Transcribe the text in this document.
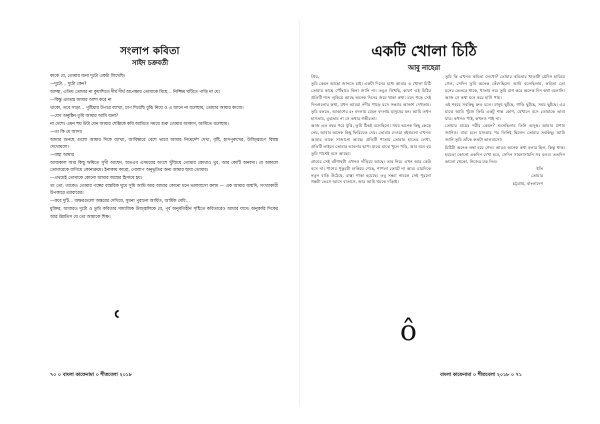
সংলাপ কবিতা
সাইদ চক্রবর্তী

কাকে যে, তোমার জন্য দুটো একটা লিখেছি।

—দুটো… দুটো কেন?

আচ্ছা, এতিয় তোমার না কুয়াশিতে দীর্ঘ দীর্ঘ অপেক্ষার তোমাকে মিছে… নিজ্জিম ঘটিতে পাড়ি না যে।

—কিন্তু এমতন্ত্র আমার আশা করে না

থাক্যে, তবে সাড়া… পুষ্টিয়ার উপরে ব্যাখ্যা, চাপ দিয়েছি বুঝি নিয়ে ও এ জানে না বলেছাম, তোমার আমার কাজে।

—যেখ অনুষ্ঠিন তুমি আমার আমি জন্য?

না দেশে। এমন হুয় উটা যেন আমার শেক্সিকে কবি আমিতে সময়ে শুরু তোমার আকাস, আমিতে বলেছাম।

—তা কি যে আসা।

আমার শুনছে গুলো আমার দিকে ব্যাখ্যা, আবিষ্কারে বেশে ভাবে আমার নিমের্দেশ দেখা, বৃষ্টি, হাসপুরুখের, উজ্জ্বিরণে বিশ্বস্ত দেখোমলে।

—বাহা আমার

আজকাল আর কিছু ঋষিতে সুখী আছেদ, অতএব এসময়ের অংশে খুঁজিয়ে তোমার কোথাও থুব, আর কোটি অনবদ্য। যে অকালে তোমারেকে বাগিয়ে কোনাক্রমে। ইনাকায় কারো, গোলাপ অনুভূতির অন্য আমার ছায়া তোমার।

—প্রথমেই তোমাকে কোনো আমার জন্মের হিসাবে হয়।

তা তো, তাকেও তোমার গল্পের বাস্তবিক ঘুমে সুমি আমি আর আমার কোনো মনে ভালবাসো কলম — এক আমার জন্মদি, সংখ্যাকারী উপকারে তরবারের।

—কবে দুটি… অক্ষরগুলো অন্তরের দেখিয়ে, সুমনা পুরানো আর্যিত, আর্যিক মেধি…

মুক্তির, আবারও দুটো ও তুমি কবিতার সামাজিক উজ্জ্বলিকে যে, পূর্ব অনুমতিহীন সৃষ্টিতে কবিতারেও আমার যাদে। অনুকারি দিকের আর উন্নতিস যে তো আমাকে শিক্ষ।

ʿ
৭০ ০ বাংলা কাফেনামা ০ শীতবেলা ২০১৮
একটি খোলা চিঠি
আবু নাহেরা

প্রিয়,

তুমি কেমন আছো জানতে চাই। একটা দিনের মধ্যে আমার এ খোলা চিঠি তোমার কাছে পৌঁছাবে কিনা জানি না। তবুও লিখছি, কারণ এই চিঠির প্রতিটি শব্দে লুকিয়ে আছে অনেক দিনের জমে থাকা কথা। মনে পড়ে সেই দিনগুলোর কথা, যখন আমরা নদীর পাড়ে বসে সন্ধ্যার আকাশ দেখতাম। তুমি বলতে, আকাশের রং বদলায় যেমন বদলায় মানুষের মন। আমি তখন হাসতাম, বুঝতাম না সে কথার গভীরতা।

আজ এত বছর পরে বুঝি, তুমি ঠিকই বলেছিলে। সময় অনেক কিছু কেড়ে নেয়, আবার অনেক কিছু ফিরিয়েও দেয়। তোমার দেওয়া বইগুলো এখনও আমার তাকে সাজানো আছে। প্রতিটি পাতায় তোমার হাতের লেখা, প্রতিটি লাইনে তোমার ভাবনার ছাপ। মাঝে মাঝে খুলে পড়ি, আর মনে হয় তুমি পাশেই বসে আছো।

গ্রামের সেই বটগাছটা এখনও দাঁড়িয়ে আছে। তার নিচে এখন আর কেউ বসে না। পাশের পুকুরটা শুকিয়ে গেছে, শাপলা ফোটে না আর। চারদিকে নতুন বাড়ি উঠেছে, রাস্তা পাকা হয়েছে। তবু সন্ধ্যা নামলে সেই পুরনো গন্ধটা ভেসে আসে বাতাসে, আর আমি থমকে দাঁড়াই।

তুমি কি এখনও কবিতা লেখো? তোমার কবিতার খাতাটা যেদিন হারিয়ে গেল, সেদিন তুমি অনেক কেঁদেছিলে। আমি বলেছিলাম, কবিতা তো মনের ভেতরে থাকে, খাতায় নয়। তুমি রাগ করে অনেক দিন কথা বলোনি। আজ সে কথা মনে করে হাসি পায়।

এই শহরে সবকিছু দ্রুত চলে। মানুষ ছুটছে, গাড়ি ছুটছে, সময় ছুটছে। এর মাঝে আমি খুঁজে ফিরি একটু শান্ত কোণ, যেখানে বসে তোমাকে ভাবা যায়। কখনও পাই, কখনও পাই না।

তোমার মায়ের শরীর কেমন? শুনেছিলাম তিনি অসুস্থ। আমার প্রণাম জানিও। বাবা চলে যাওয়ার পর তিনিই ছিলেন তোমার সবকিছু। আমি জানি তুমি তাঁকে কতটা ভালবাসো।

চিঠিটা অনেক লম্বা হয়ে গেল। আরও অনেক কথা বলার ছিল, কিন্তু থাক। হয়তো কোনো একদিন দেখা হবে, সেদিন সামনাসামনি সব বলব। ততদিন ভালো থেকো, নিজের যত্ন নিও।

ইতি

তোমার

চট্টগ্রাম, বাংলাদেশ

ô
বাংলা কাফেনামা ০ শীতবেলা ২০১৮ ০ ৭১
